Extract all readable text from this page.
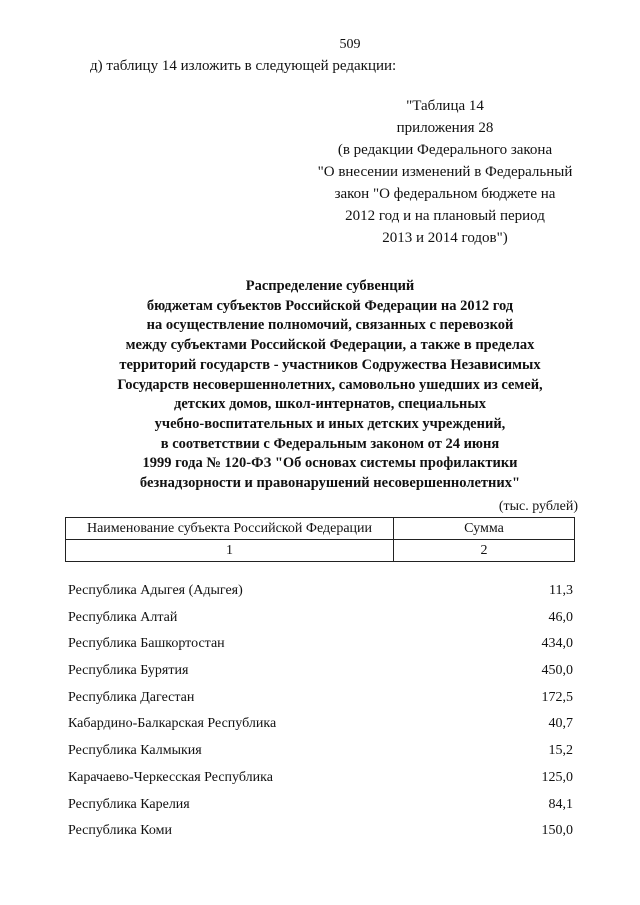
509
д) таблицу 14 изложить в следующей редакции:
"Таблица 14
приложения 28
(в редакции Федерального закона
"О внесении изменений в Федеральный
закон "О федеральном бюджете на
2012 год и на плановый период
2013 и 2014 годов")
Распределение субвенций
бюджетам субъектов Российской Федерации на 2012 год
на осуществление полномочий, связанных с перевозкой
между субъектами Российской Федерации, а также в пределах
территорий государств - участников Содружества Независимых
Государств несовершеннолетних, самовольно ушедших из семей,
детских домов, школ-интернатов, специальных
учебно-воспитательных и иных детских учреждений,
в соответствии с Федеральным законом от 24 июня
1999 года № 120-ФЗ "Об основах системы профилактики
безнадзорности и правонарушений несовершеннолетних"
(тыс. рублей)
Наименование субъекта Российской Федерации	Сумма
1	2
Республика Адыгея (Адыгея)	11,3
Республика Алтай	46,0
Республика Башкортостан	434,0
Республика Бурятия	450,0
Республика Дагестан	172,5
Кабардино-Балкарская Республика	40,7
Республика Калмыкия	15,2
Карачаево-Черкесская Республика	125,0
Республика Карелия	84,1
Республика Коми	150,0
